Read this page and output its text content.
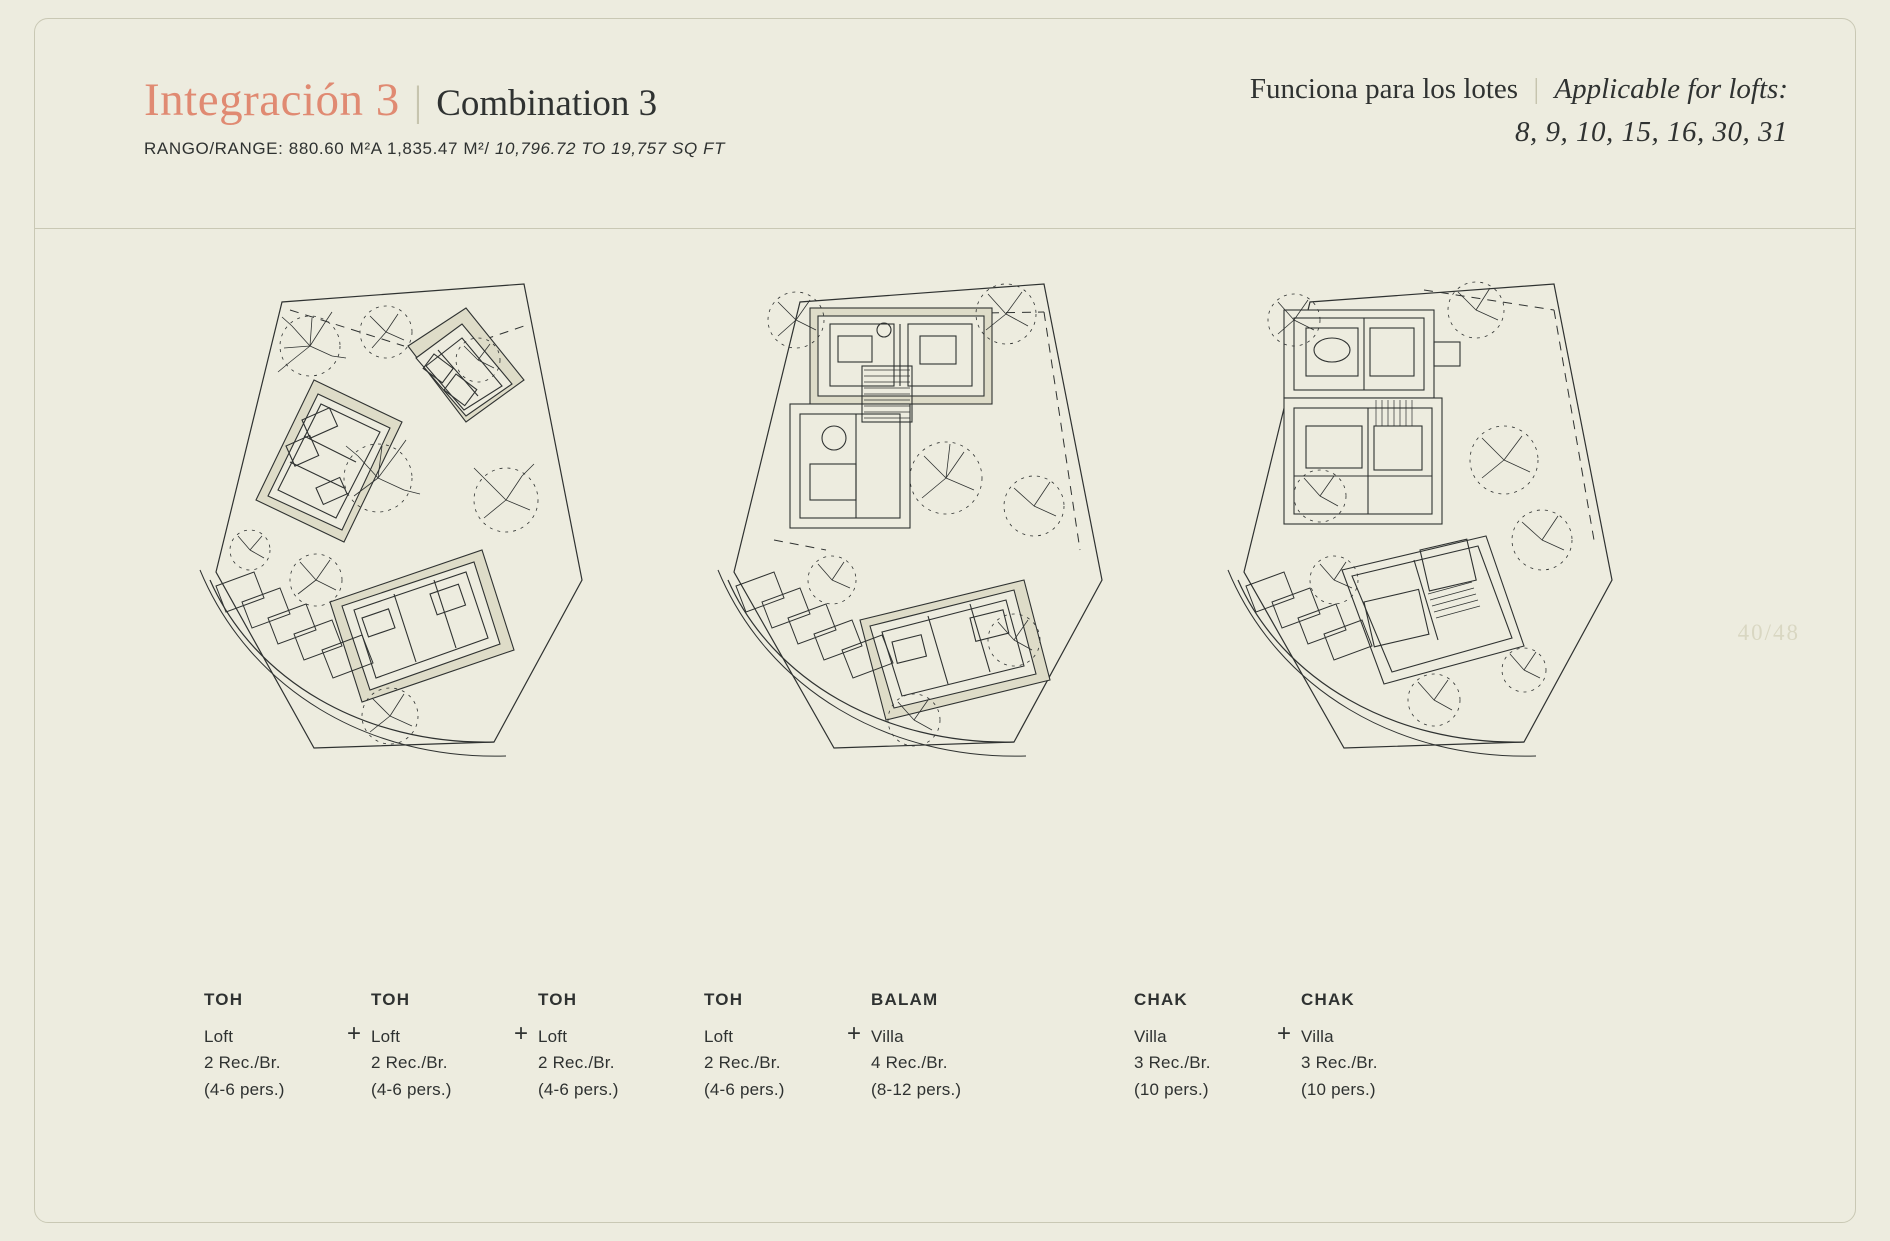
Integración 3 | Combination 3
RANGO/RANGE: 880.60 M²A 1,835.47 M²/ 10,796.72 TO 19,757 SQ FT
Funciona para los lotes | Applicable for lofts:
8, 9, 10, 15, 16, 30, 31
40/48
TOH
Loft
2 Rec./Br.
(4-6 pers.)
+
TOH
Loft
2 Rec./Br.
(4-6 pers.)
+
TOH
Loft
2 Rec./Br.
(4-6 pers.)
TOH
Loft
2 Rec./Br.
(4-6 pers.)
+
BALAM
Villa
4 Rec./Br.
(8-12 pers.)
CHAK
Villa
3 Rec./Br.
(10 pers.)
+
CHAK
Villa
3 Rec./Br.
(10 pers.)
